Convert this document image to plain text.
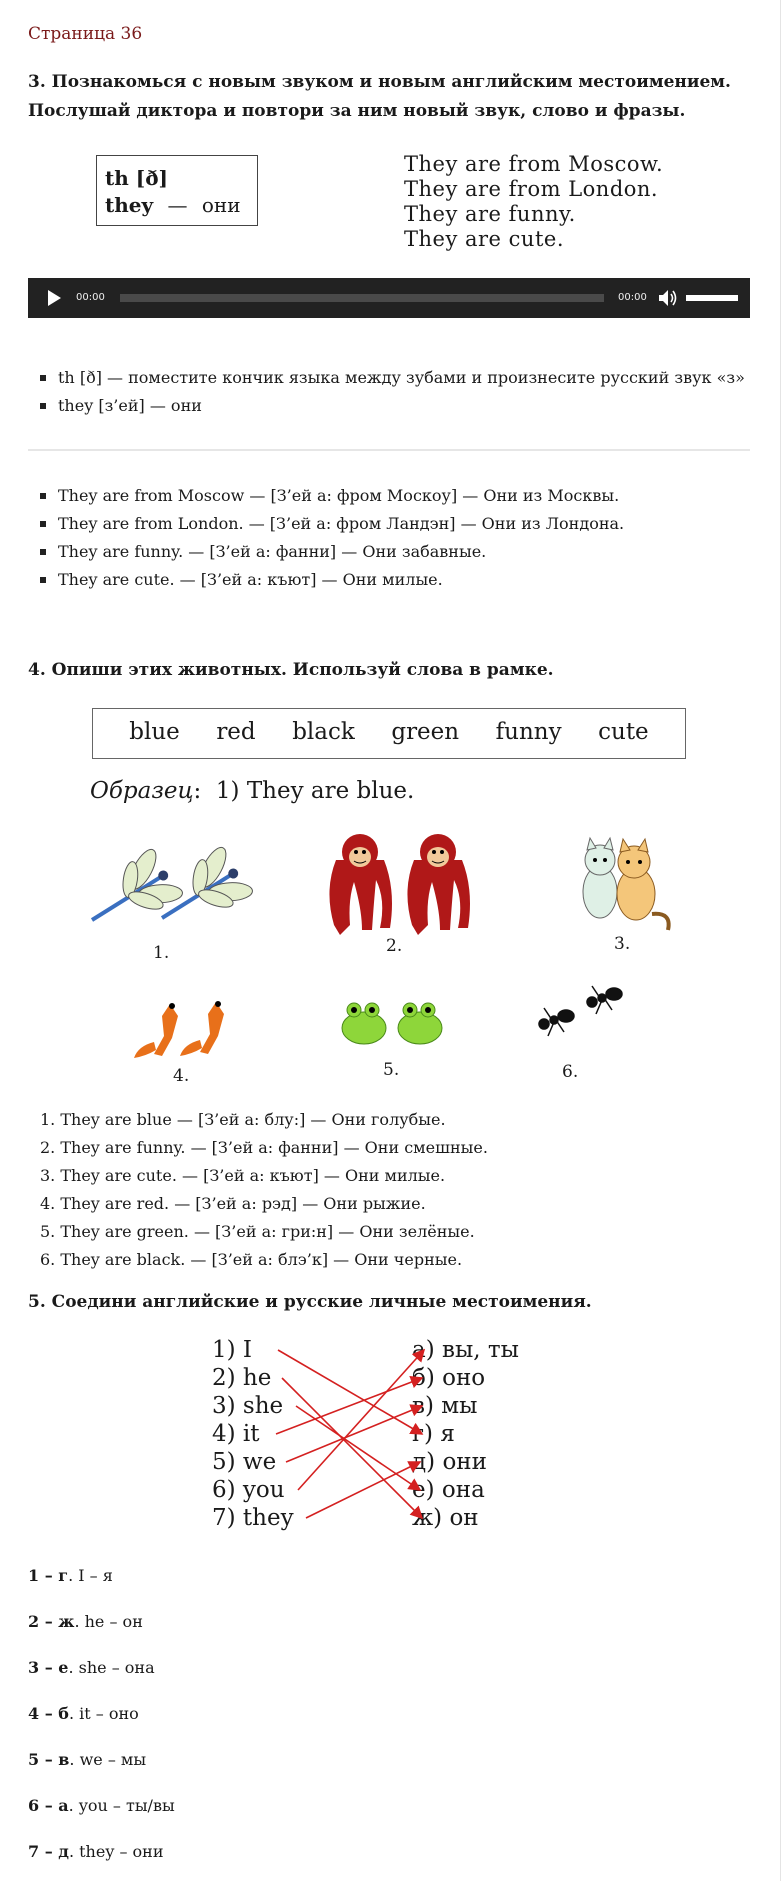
Страница 36
3. Познакомься с новым звуком и новым английским местоимением.
Послушай диктора и повтори за ним новый звук, слово и фразы.
th [ð]
they — они
They are from Moscow.
They are from London.
They are funny.
They are cute.
00:00	00:00
th [ð] — поместите кончик языка между зубами и произнесите русский звук «з»
they [з’ей] — они
They are from Moscow — [З’ей а: фром Москоу] — Они из Москвы.
They are from London. — [З’ей а: фром Ландэн] — Они из Лондона.
They are funny. — [З’ей а: фанни] — Они забавные.
They are cute. — [З’ей а: къют] — Они милые.
4. Опиши этих животных. Используй слова в рамке.
blue red black green funny cute
Образец:  1) They are blue.
1.	2.	3.
4.	5.	6.
1. They are blue — [З’ей а: блу:] — Они голубые.
2. They are funny. — [З’ей а: фанни] — Они смешные.
3. They are cute. — [З’ей а: къют] — Они милые.
4. They are red. — [З’ей а: рэд] — Они рыжие.
5. They are green. — [З’ей а: гри:н] — Они зелёные.
6. They are black. — [З’ей а: блэ’к] — Они черные.
5. Соедини английские и русские личные местоимения.
1) I
2) he
3) she
4) it
5) we
6) you
7) they
а) вы, ты
б) оно
в) мы
г) я
д) они
е) она
ж) он
1 – г. I – я
2 – ж. he – он
3 – е. she – она
4 – б. it – оно
5 – в. we – мы
6 – а. you – ты/вы
7 – д. they – они
